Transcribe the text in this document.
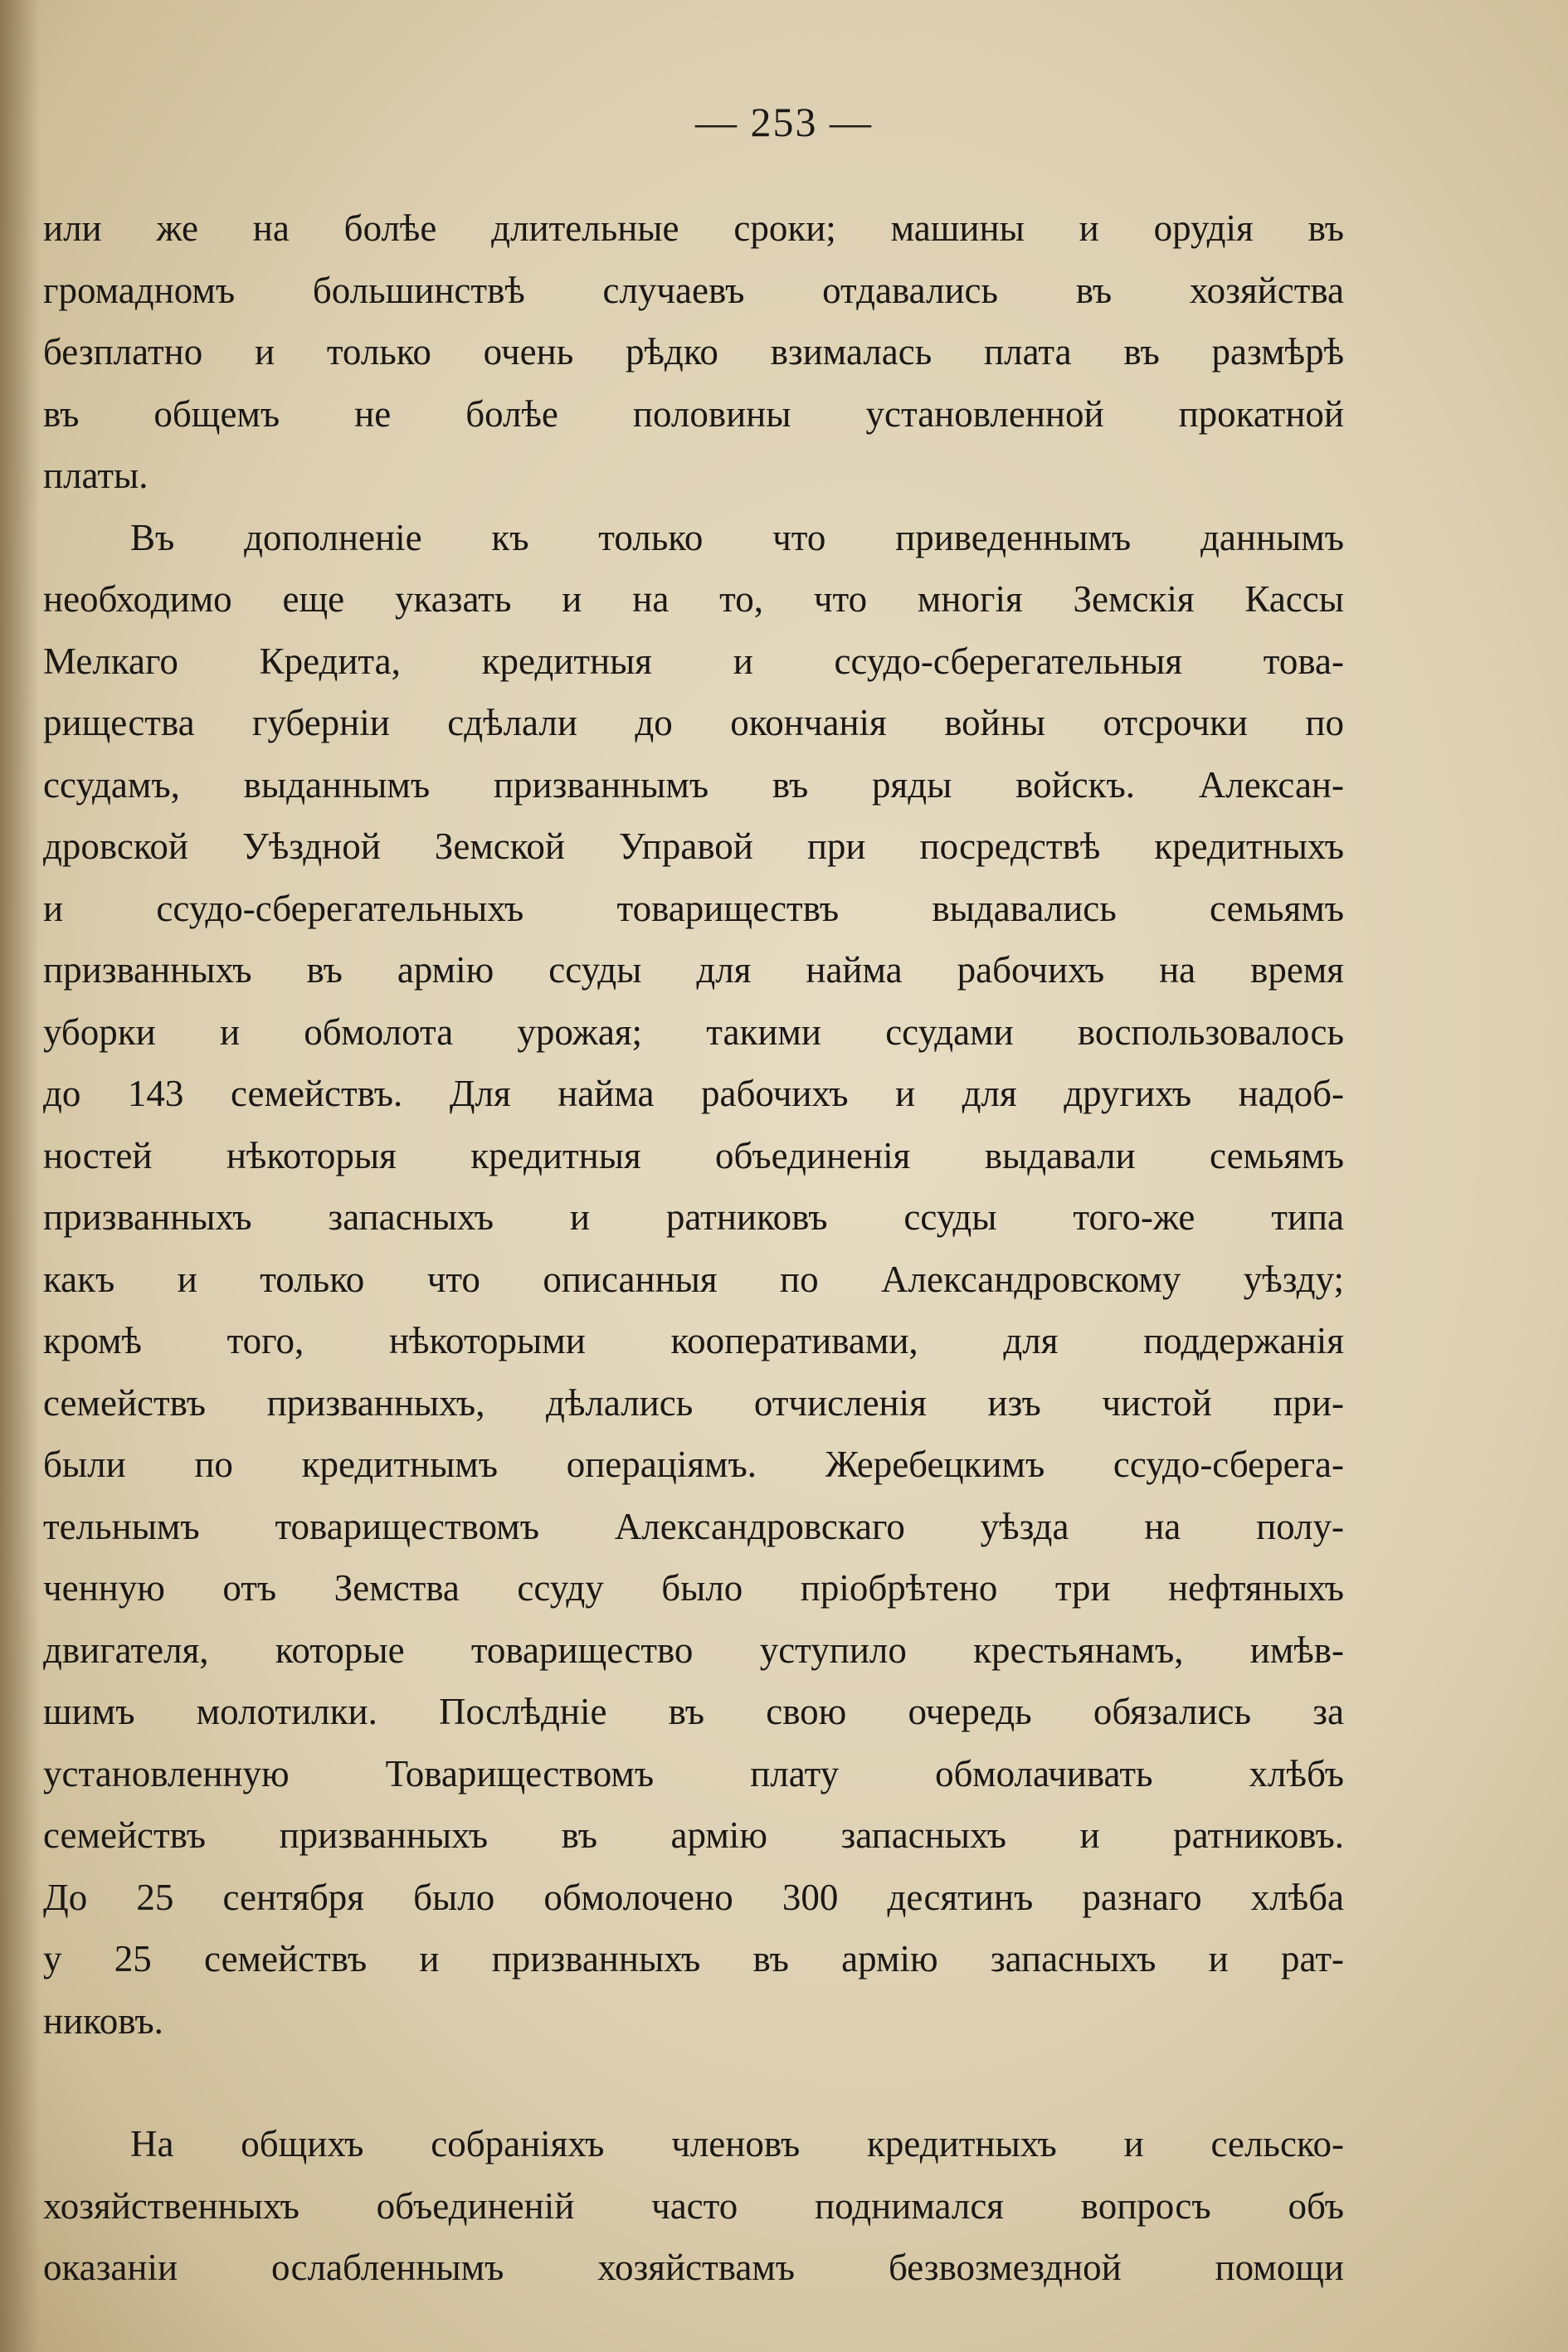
— 253 —
или же на болѣе длительные сроки; машины и орудія въ
громадномъ большинствѣ случаевъ отдавались въ хозяйства
безплатно и только очень рѣдко взималась плата въ размѣрѣ
въ общемъ не болѣе половины установленной прокатной
платы.
Въ дополненіе къ только что приведеннымъ даннымъ
необходимо еще указать и на то, что многія Земскія Кассы
Мелкаго Кредита, кредитныя и ссудо-сберегательныя това-
рищества губерніи сдѣлали до окончанія войны отсрочки по
ссудамъ, выданнымъ призваннымъ въ ряды войскъ. Алексан-
дровской Уѣздной Земской Управой при посредствѣ кредитныхъ
и ссудо-сберегательныхъ товариществъ выдавались семьямъ
призванныхъ въ армію ссуды для найма рабочихъ на время
уборки и обмолота урожая; такими ссудами воспользовалось
до 143 семействъ. Для найма рабочихъ и для другихъ надоб-
ностей нѣкоторыя кредитныя объединенія выдавали семьямъ
призванныхъ запасныхъ и ратниковъ ссуды того-же типа
какъ и только что описанныя по Александровскому уѣзду;
кромѣ того, нѣкоторыми кооперативами, для поддержанія
семействъ призванныхъ, дѣлались отчисленія изъ чистой при-
были по кредитнымъ операціямъ. Жеребецкимъ ссудо-сберега-
тельнымъ товариществомъ Александровскаго уѣзда на полу-
ченную отъ Земства ссуду было пріобрѣтено три нефтяныхъ
двигателя, которые товарищество уступило крестьянамъ, имѣв-
шимъ молотилки. Послѣдніе въ свою очередь обязались за
установленную Товариществомъ плату обмолачивать хлѣбъ
семействъ призванныхъ въ армію запасныхъ и ратниковъ.
До 25 сентября было обмолочено 300 десятинъ разнаго хлѣба
у 25 семействъ и призванныхъ въ армію запасныхъ и рат-
никовъ.
На общихъ собраніяхъ членовъ кредитныхъ и сельско-
хозяйственныхъ объединеній часто поднимался вопросъ объ
оказаніи ослабленнымъ хозяйствамъ безвозмездной помощи
